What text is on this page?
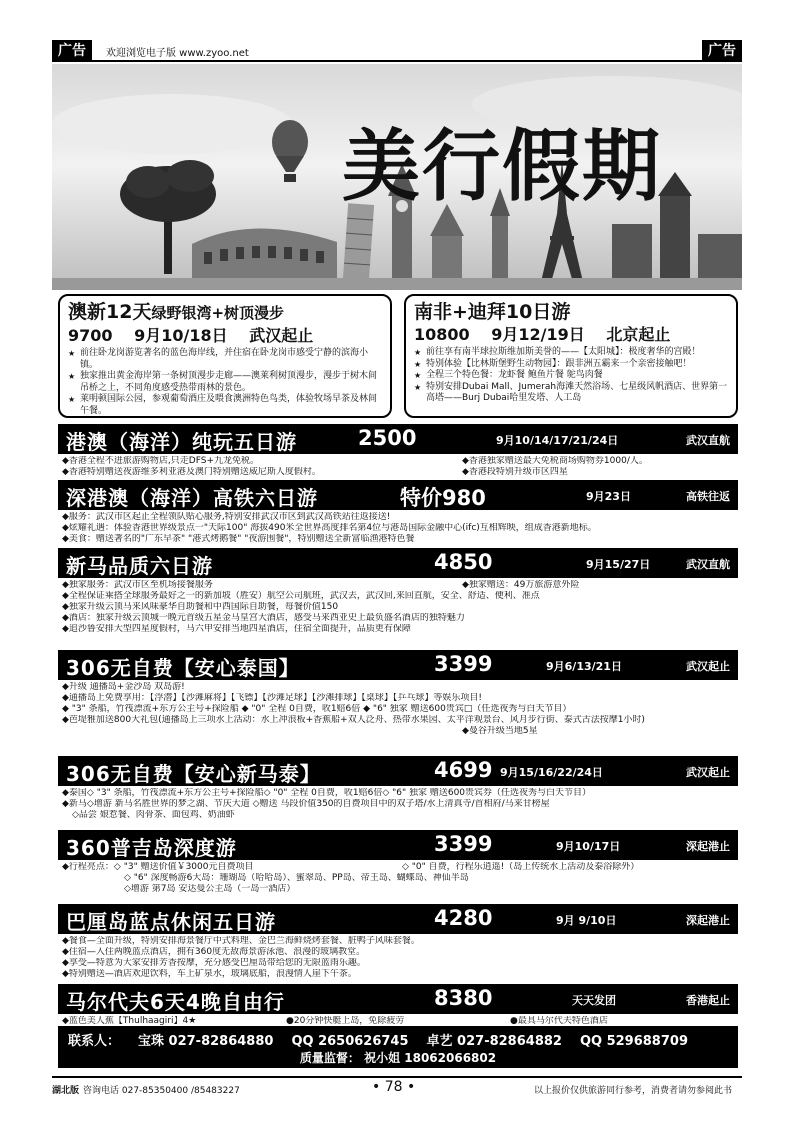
广告	欢迎浏览电子版 www.zyoo.net	广告
美行假期
澳新12天绿野银湾+树顶漫步
9700 9月10/18日 武汉起止
★ 前往卧龙岗游览著名的蓝色海岸线，并住宿在卧龙岗市感受宁静的滨海小镇。
★ 独家推出黄金海岸第一条树顶漫步走廊——澳莱利树顶漫步，漫步于树木间吊桥之上，不同角度感受热带雨林的景色。
★ 莱明顿国际公园，参观葡萄酒庄及喂食澳洲特色鸟类，体验牧场早茶及林间午餐。
南非+迪拜10日游
10800 9月12/19日 北京起止
★ 前往享有南半球拉斯维加斯美誉的——【太阳城】：极度奢华的宫殿！
★ 特别体验【比林斯堡野生动物园】：跟非洲五霸来一个亲密接触吧！
★ 全程三个特色餐：龙虾餐 鲍鱼片餐 鸵鸟肉餐
★ 特别安排Dubai Mall、Jumerah海滩天然浴场、七星级风帆酒店、世界第一高塔——Burj Dubai哈里发塔、人工岛
港澳（海洋）纯玩五日游	2500	9月10/14/17/21/24日	武汉直航
◆香港全程不进旅游购物店,只走DFS+九龙免税。	◆香港独家赠送最大免税商场购物券1000/人。
◆香港特别赠送夜游维多利亚港及澳门特别赠送威尼斯人度假村。	◆香港段特别升级市区四星
深港澳（海洋）高铁六日游	特价980	9月23日	高铁往返
◆服务：武汉市区起止全程领队贴心服务,特别安排武汉市区到武汉高铁站往返接送!
◆炫耀礼遇：体验香港世界级景点一"天际100" 海拔490米全世界高度排名第4位与港岛国际金融中心(ifc)互相辉映，组成香港新地标。
◆美食：赠送著名的"广东早茶" "港式烤鹅餐" "夜游围餐"，特别赠送全新富临渔港特色餐
新马品质六日游	4850	9月15/27日	武汉直航
◆独家服务：武汉市区至机场接餐服务	◆独家赠送：49万旅游意外险
◆全程保证乘搭全球服务最好之一的新加坡（胜安）航空公司航班，武汉去，武汉回,来回直航，安全、舒适、便利、准点
◆独家升级云顶马来风味豪华自助餐和中西国际自助餐，每餐价值150
◆酒店：独家升级云顶城一晚元首级五星金马皇宫大酒店，感受马来西亚史上最负盛名酒店的独特魅力
◆追沙鲁安排大型四星度假村，马六甲安排当地四星酒店，住宿全面提升，品质更有保障
306无自费【安心泰国】	3399	9月6/13/21日	武汉起止
◆升级 通播岛+金沙岛 双岛游!
◆通播岛上免费享用：【浮潜】【沙滩麻将】【飞镖】【沙滩足球】【沙滩排球】【桌球】【乒乓球】等娱乐项目!
◆ "3" 条船，竹筏漂流+东方公主号+探险船 ◆ "0" 全程 0自费，收1赔6倍 ◆ "6" 独家 赠送600贵宾□（任选夜秀与白天节目）
◆芭堤雅加送800大礼包(通播岛上三项水上活动：水上冲浪板+香蕉船+双人泛舟、热带水果园、太平洋观景台、风月步行街、泰式古法按摩1小时)
◆曼谷升级当地5星
306无自费【安心新马泰】	4699 9月15/16/22/24日	武汉起止
◆泰国◇ "3" 条船，竹筏漂流+东方公主号+探险船◇ "0" 全程 0自费，收1赔6倍◇ "6" 独家 赠送600贵宾券（任选夜秀与白天节目）
◆新马◇增游 新马名胜世界的梦之湖、节庆大道 ◇赠送 马段价值350的自费项目中的双子塔/水上清真寺/首相府/马来甘榜屋
◇品尝 娘惹餐、肉骨茶、面包鸡、奶油虾
360普吉岛深度游	3399	9月10/17日	深起港止
◆行程亮点：◇ "3" 赠送价值￥3000元自费项目	◇ "0" 自费，行程乐逍遥!（岛上传统水上活动及泰浴除外）
◇ "6" 深度畅游6大岛：珊瑚岛（哈哈岛）、蜜翠岛、PP岛、帝王岛、蝴蝶岛、神仙半岛
◇增游 第7岛 安达曼公主岛（一岛一酒店）
巴厘岛蓝点休闲五日游	4280	9月 9/10日	深起港止
◆餐食—全面升级，特别安排海景餐厅中式料理、金巴兰海鲜烧烤套餐、脏鸭子风味套餐。
◆住宿—入住两晚蓝点酒店，拥有360度无敌海景游泳池、浪漫的玻璃教堂。
◆享受—特意为大家安排芳香按摩，充分感受巴厘岛带给您的无限蓝雨乐趣。
◆特别赠送—酒店欢迎饮料，车上矿泉水，玻璃底船，浪漫情人崖下午茶。
马尔代夫6天4晚自由行	8380	天天发团	香港起止
◆蓝色美人蕉【Thulhaagiri】4★	●20分钟快艇上岛，免除疲劳	●最具马尔代夫特色酒店
联系人： 宝珠 027-82864880 QQ 2650626745 卓艺 027-82864882 QQ 529688709
质量监督： 祝小姐 18062066802
湖北版 咨询电话 027-85350400 /85483227	• 78 •	以上报价仅供旅游同行参考，消费者请勿参阅此书
